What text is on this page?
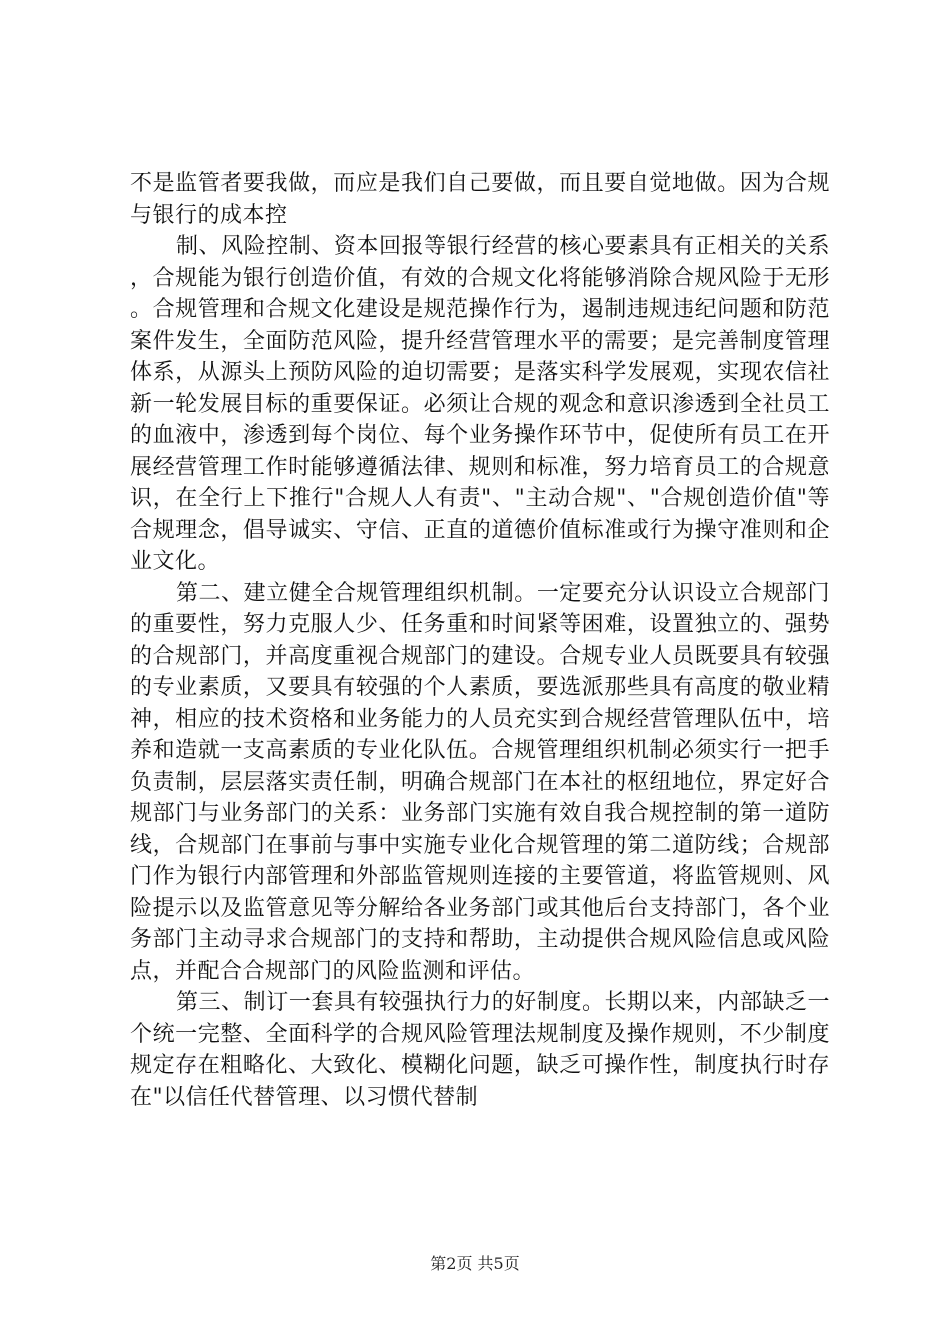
不是监管者要我做，而应是我们自己要做，而且要自觉地做。因为合规与银行的成本控

制、风险控制、资本回报等银行经营的核心要素具有正相关的关系，合规能为银行创造价值，有效的合规文化将能够消除合规风险于无形。合规管理和合规文化建设是规范操作行为，遏制违规违纪问题和防范案件发生，全面防范风险，提升经营管理水平的需要；是完善制度管理体系，从源头上预防风险的迫切需要；是落实科学发展观，实现农信社新一轮发展目标的重要保证。必须让合规的观念和意识渗透到全社员工的血液中，渗透到每个岗位、每个业务操作环节中，促使所有员工在开展经营管理工作时能够遵循法律、规则和标准，努力培育员工的合规意识，在全行上下推行"合规人人有责"、"主动合规"、"合规创造价值"等合规理念，倡导诚实、守信、正直的道德价值标准或行为操守准则和企业文化。

第二、建立健全合规管理组织机制。一定要充分认识设立合规部门的重要性，努力克服人少、任务重和时间紧等困难，设置独立的、强势的合规部门，并高度重视合规部门的建设。合规专业人员既要具有较强的专业素质，又要具有较强的个人素质，要选派那些具有高度的敬业精神，相应的技术资格和业务能力的人员充实到合规经营管理队伍中，培养和造就一支高素质的专业化队伍。合规管理组织机制必须实行一把手负责制，层层落实责任制，明确合规部门在本社的枢纽地位，界定好合规部门与业务部门的关系：业务部门实施有效自我合规控制的第一道防线，合规部门在事前与事中实施专业化合规管理的第二道防线；合规部门作为银行内部管理和外部监管规则连接的主要管道，将监管规则、风险提示以及监管意见等分解给各业务部门或其他后台支持部门，各个业务部门主动寻求合规部门的支持和帮助，主动提供合规风险信息或风险点，并配合合规部门的风险监测和评估。

第三、制订一套具有较强执行力的好制度。长期以来，内部缺乏一个统一完整、全面科学的合规风险管理法规制度及操作规则，不少制度规定存在粗略化、大致化、模糊化问题，缺乏可操作性，制度执行时存在"以信任代替管理、以习惯代替制

第2页 共5页
